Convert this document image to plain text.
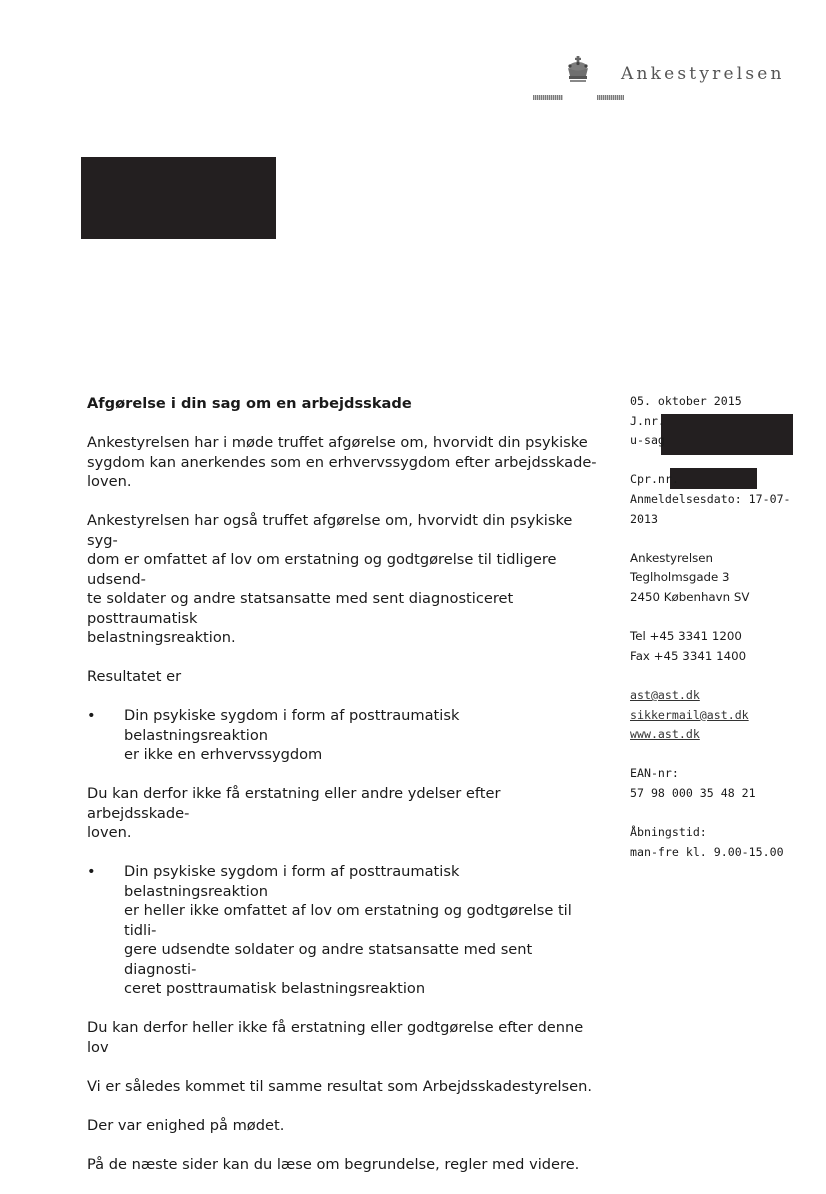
Ankestyrelsen

Afgørelse i din sag om en arbejdsskade

Ankestyrelsen har i møde truffet afgørelse om, hvorvidt din psykiske
sygdom kan anerkendes som en erhvervssygdom efter arbejdsskade-
loven.

Ankestyrelsen har også truffet afgørelse om, hvorvidt din psykiske syg-
dom er omfattet af lov om erstatning og godtgørelse til tidligere udsend-
te soldater og andre statsansatte med sent diagnosticeret posttraumatisk
belastningsreaktion.

Resultatet er

• Din psykiske sygdom i form af posttraumatisk belastningsreaktion
er ikke en erhvervssygdom

Du kan derfor ikke få erstatning eller andre ydelser efter arbejdsskade-
loven.

• Din psykiske sygdom i form af posttraumatisk belastningsreaktion
er heller ikke omfattet af lov om erstatning og godtgørelse til tidli-
gere udsendte soldater og andre statsansatte med sent diagnosti-
ceret posttraumatisk belastningsreaktion

Du kan derfor heller ikke få erstatning eller godtgørelse efter denne lov

Vi er således kommet til samme resultat som Arbejdsskadestyrelsen.

Der var enighed på mødet.

På de næste sider kan du læse om begrundelse, regler med videre.

05. oktober 2015
J.nr.
u-sag
Cpr.nr.
Anmeldelsesdato: 17-07-
2013
Ankestyrelsen
Teglholmsgade 3
2450 København SV
Tel +45 3341 1200
Fax +45 3341 1400
ast@ast.dk
sikkermail@ast.dk
www.ast.dk
EAN-nr:
57 98 000 35 48 21
Åbningstid:
man-fre kl. 9.00-15.00
